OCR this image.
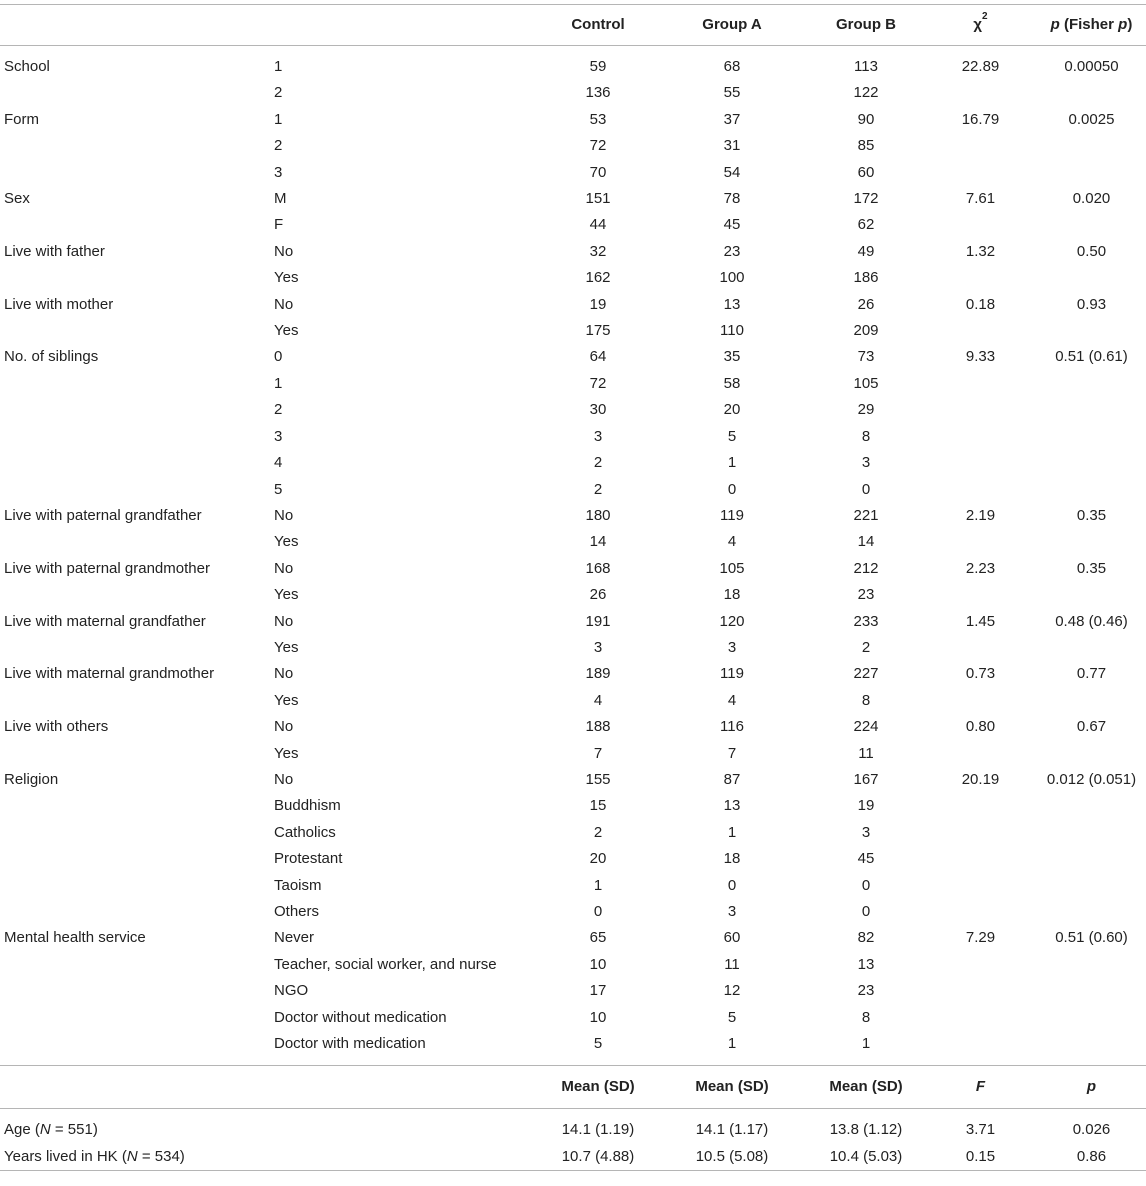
		Control	Group A	Group B	$\chi^2$	p (Fisher p)
School	1	59	68	113	22.89	0.00050
	2	136	55	122		
Form	1	53	37	90	16.79	0.0025
	2	72	31	85		
	3	70	54	60		
Sex	M	151	78	172	7.61	0.020
	F	44	45	62		
Live with father	No	32	23	49	1.32	0.50
	Yes	162	100	186		
Live with mother	No	19	13	26	0.18	0.93
	Yes	175	110	209		
No. of siblings	0	64	35	73	9.33	0.51 (0.61)
	1	72	58	105		
	2	30	20	29		
	3	3	5	8		
	4	2	1	3		
	5	2	0	0		
Live with paternal grandfather	No	180	119	221	2.19	0.35
	Yes	14	4	14		
Live with paternal grandmother	No	168	105	212	2.23	0.35
	Yes	26	18	23		
Live with maternal grandfather	No	191	120	233	1.45	0.48 (0.46)
	Yes	3	3	2		
Live with maternal grandmother	No	189	119	227	0.73	0.77
	Yes	4	4	8		
Live with others	No	188	116	224	0.80	0.67
	Yes	7	7	11		
Religion	No	155	87	167	20.19	0.012 (0.051)
	Buddhism	15	13	19		
	Catholics	2	1	3		
	Protestant	20	18	45		
	Taoism	1	0	0		
	Others	0	3	0		
Mental health service	Never	65	60	82	7.29	0.51 (0.60)
	Teacher, social worker, and nurse	10	11	13		
	NGO	17	12	23		
	Doctor without medication	10	5	8		
	Doctor with medication	5	1	1		

		Mean (SD)	Mean (SD)	Mean (SD)	F	p
Age (N = 551)		14.1 (1.19)	14.1 (1.17)	13.8 (1.12)	3.71	0.026
Years lived in HK (N = 534)		10.7 (4.88)	10.5 (5.08)	10.4 (5.03)	0.15	0.86
